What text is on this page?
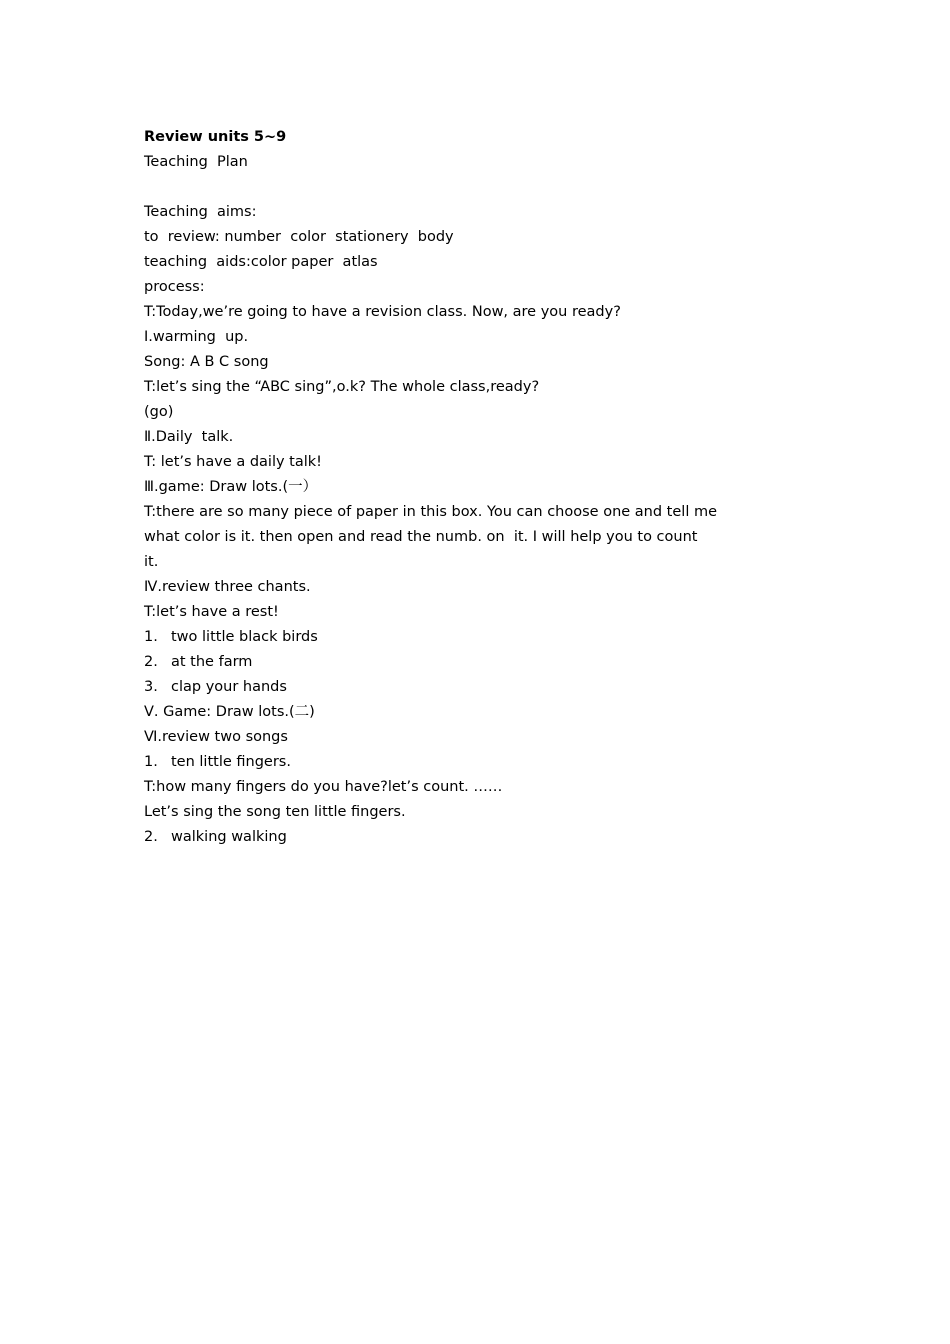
Review units 5~9
Teaching  Plan
Teaching  aims:
to  review: number  color  stationery  body
teaching  aids:color paper  atlas
process:
T:Today,we’re going to have a revision class. Now, are you ready?
Ⅰ.warming  up.
Song: A B C song
T:let’s sing the “ABC sing”,o.k? The whole class,ready?
(go)
Ⅱ.Daily  talk.
T: let’s have a daily talk!
Ⅲ.game: Draw lots.(一）
T:there are so many piece of paper in this box. You can choose one and tell me
what color is it. then open and read the numb. on  it. I will help you to count
it.
Ⅳ.review three chants.
T:let’s have a rest!
1. two little black birds
2. at the farm
3. clap your hands
Ⅴ. Game: Draw lots.(二)
Ⅵ.review two songs
1. ten little fingers.
T:how many fingers do you have?let’s count. ……
Let’s sing the song ten little fingers.
2. walking walking
